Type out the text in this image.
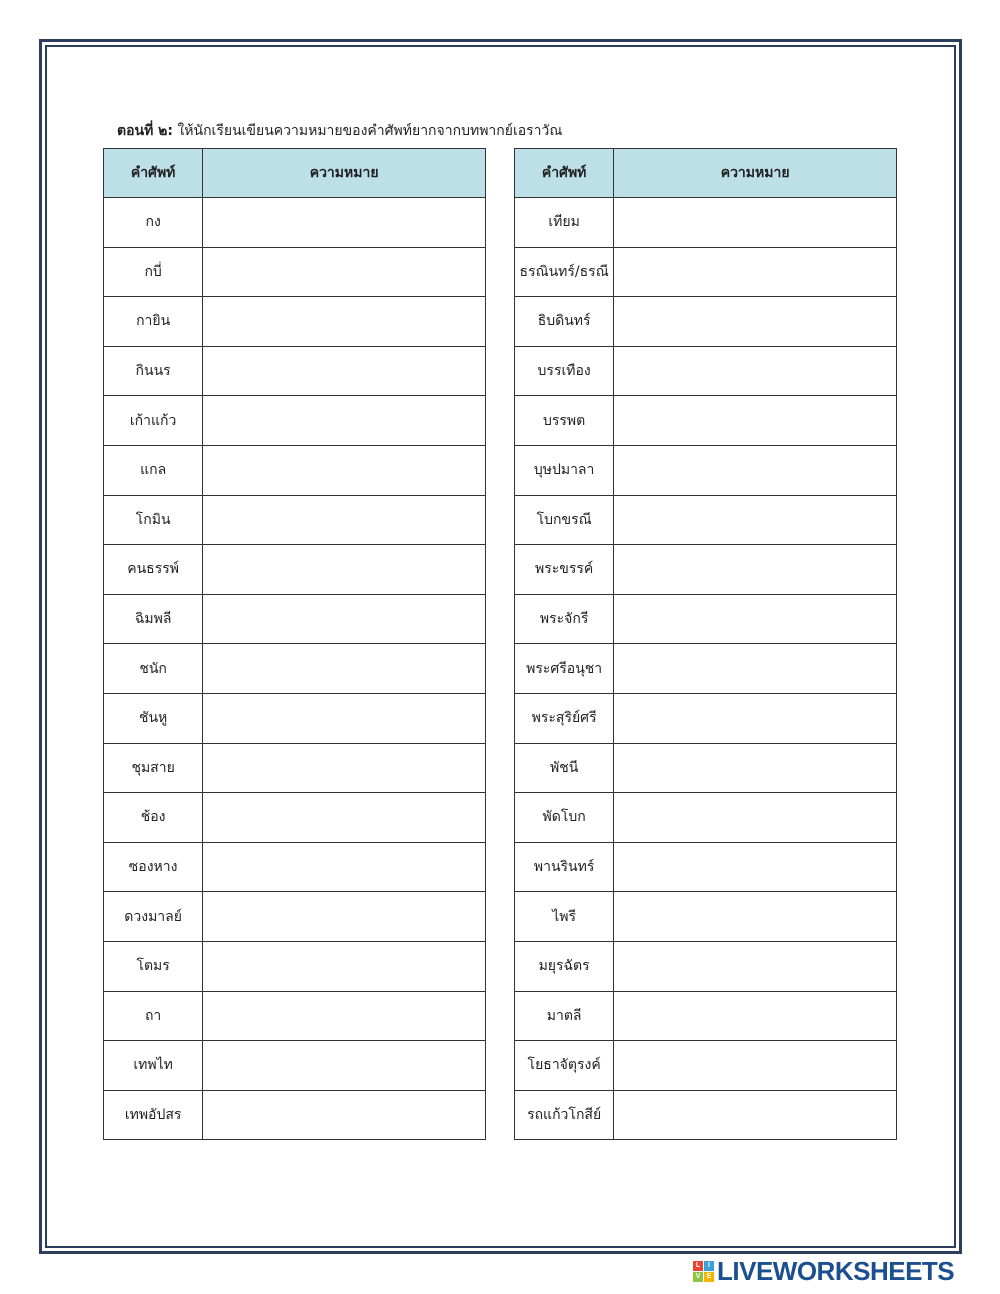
ตอนที่ ๒: ให้นักเรียนเขียนความหมายของคำศัพท์ยากจากบทพากย์เอราวัณ
คำศัพท์	ความหมาย
กง	
กบี่	
กายิน	
กินนร	
เก้าแก้ว	
แกล	
โกมิน	
คนธรรพ์	
ฉิมพลี	
ชนัก	
ชันหู	
ชุมสาย	
ช้อง	
ซองหาง	
ดวงมาลย์	
โตมร	
ถา	
เทพไท	
เทพอัปสร	
คำศัพท์	ความหมาย
เทียม	
ธรณินทร์/ธรณี	
ธิบดินทร์	
บรรเทือง	
บรรพต	
บุษปมาลา	
โบกขรณี	
พระขรรค์	
พระจักรี	
พระศรีอนุชา	
พระสุริย์ศรี	
พัชนี	
พัดโบก	
พานรินทร์	
ไพรี	
มยุรฉัตร	
มาตลี	
โยธาจัตุรงค์	
รถแก้วโกสีย์	
L	I
V E LIVEWORKSHEETS
